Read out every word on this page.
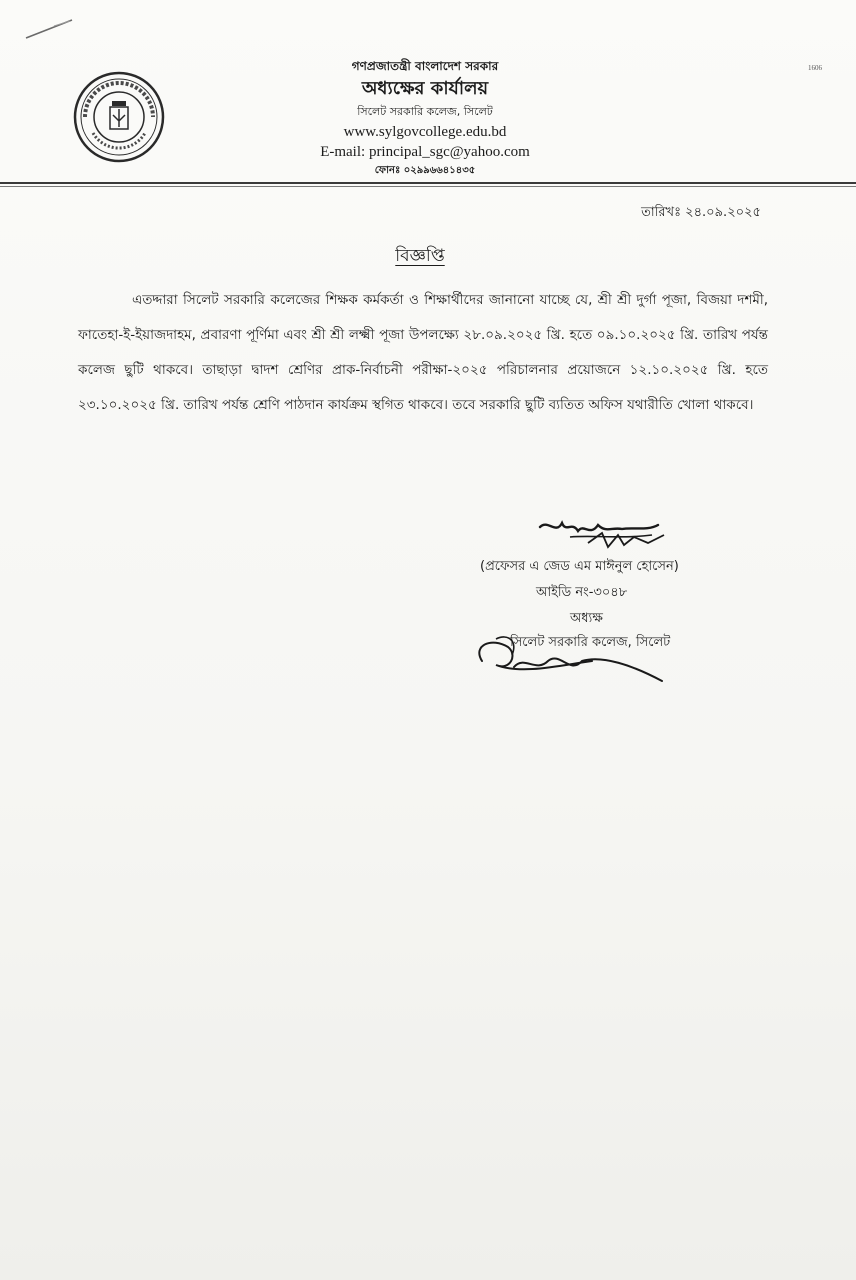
1606
গণপ্রজাতন্ত্রী বাংলাদেশ সরকার
অধ্যক্ষের কার্যালয়
সিলেট সরকারি কলেজ, সিলেট
www.sylgovcollege.edu.bd
E-mail: principal_sgc@yahoo.com
ফোনঃ ০২৯৯৬৬৪১৪৩৫
তারিখঃ ২৪.০৯.২০২৫
বিজ্ঞপ্তি
এতদ্দারা সিলেট সরকারি কলেজের শিক্ষক কর্মকর্তা ও শিক্ষার্থীদের জানানো যাচ্ছে যে, শ্রী শ্রী দুর্গা পূজা, বিজয়া দশমী, ফাতেহা-ই-ইয়াজদাহম, প্রবারণা পূর্ণিমা এবং শ্রী শ্রী লক্ষ্মী পূজা উপলক্ষ্যে ২৮.০৯.২০২৫ খ্রি. হতে ০৯.১০.২০২৫ খ্রি. তারিখ পর্যন্ত কলেজ ছুটি থাকবে। তাছাড়া দ্বাদশ শ্রেণির প্রাক-নির্বাচনী পরীক্ষা-২০২৫ পরিচালনার প্রয়োজনে ১২.১০.২০২৫ খ্রি. হতে ২৩.১০.২০২৫ খ্রি. তারিখ পর্যন্ত শ্রেণি পাঠদান কার্যক্রম স্থগিত থাকবে। তবে সরকারি ছুটি ব্যতিত অফিস যথারীতি খোলা থাকবে।
(প্রফেসর এ জেড এম মাঈনুল হোসেন)
আইডি নং-৩০৪৮
অধ্যক্ষ
সিলেট সরকারি কলেজ, সিলেট
